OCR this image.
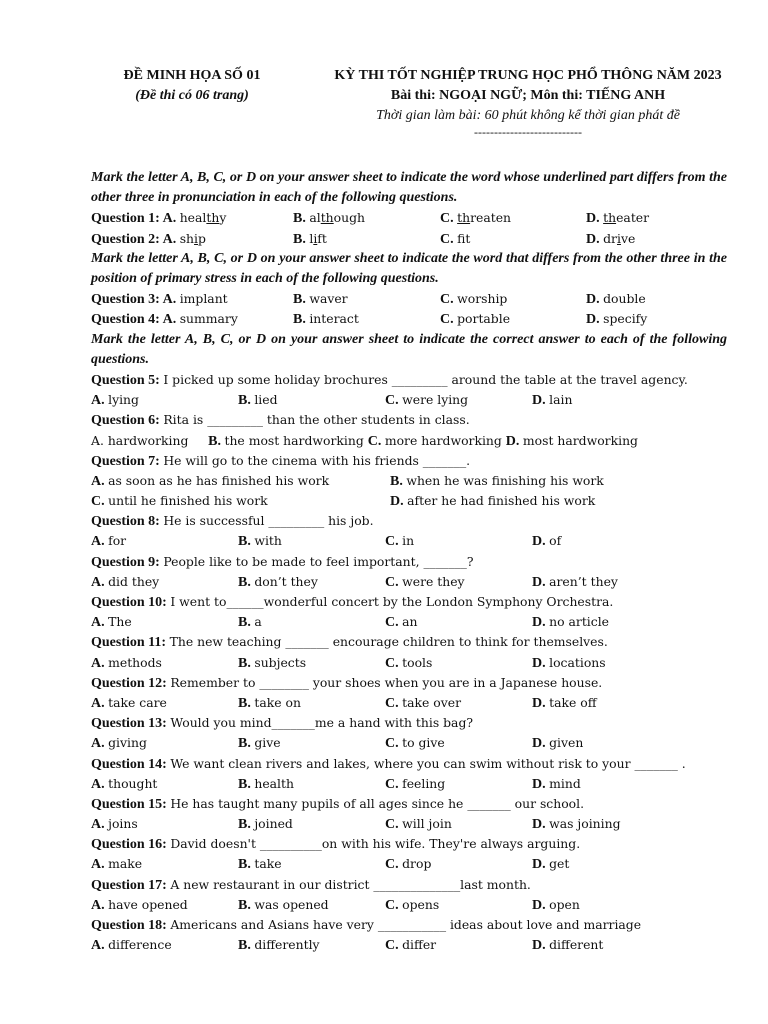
ĐỀ MINH HỌA SỐ 01
(Đề thi có 06 trang)
KỲ THI TỐT NGHIỆP TRUNG HỌC PHỔ THÔNG NĂM 2023
Bài thi: NGOẠI NGỮ; Môn thi: TIẾNG ANH
Thời gian làm bài: 60 phút không kể thời gian phát đề
---------------------------
Mark the letter A, B, C, or D on your answer sheet to indicate the word whose underlined part differs from the other three in pronunciation in each of the following questions.
Question 1: A. healthy	B. although	C. threaten	D. theater
Question 2: A. ship	B. lift	C. ft	D. drive
Mark the letter A, B, C, or D on your answer sheet to indicate the word that differs from the other three in the position of primary stress in each of the following questions.
Question 3: A. implant	B. waver	C. worship	D. double
Question 4: A. summary	B. interact	C. portable	D. specify
Mark the letter A, B, C, or D on your answer sheet to indicate the correct answer to each of the following questions.
Question 5: I picked up some holiday brochures _________ around the table at the travel agency.
A. lying	B. lied	C. were lying	D. lain
Question 6: Rita is _________ than the other students in class.
A. hardworking     B. the most hardworking C. more hardworking D. most hardworking
Question 7: He will go to the cinema with his friends _______.
A. as soon as he has finished his work	B. when he was finishing his work
C. until he finished his work	D. after he had finished his work
Question 8: He is successful _________ his job.
A. for	B. with	C. in	D. of
Question 9: People like to be made to feel important, _______?
A. did they	B. don’t they	C. were they	D. aren’t they
Question 10: I went to______wonderful concert by the London Symphony Orchestra.
A. The	B. a	C. an	D. no article
Question 11: The new teaching _______ encourage children to think for themselves.
A. methods	B. subjects	C. tools	D. locations
Question 12: Remember to ________ your shoes when you are in a Japanese house.
A. take care	B. take on	C. take over	D. take off
Question 13: Would you mind_______me a hand with this bag?
A. giving	B. give	C. to give	D. given
Question 14: We want clean rivers and lakes, where you can swim without risk to your _______ .
A. thought	B. health	C. feeling	D. mind
Question 15: He has taught many pupils of all ages since he _______ our school.
A. joins	B. joined	C. will join	D. was joining
Question 16: David doesn't __________on with his wife. They're always arguing.
A. make	B. take	C. drop	D. get
Question 17: A new restaurant in our district ______________last month.
A. have opened	B. was opened	C. opens	D. open
Question 18: Americans and Asians have very ___________ ideas about love and marriage
A. difference	B. differently	C. differ	D. different
